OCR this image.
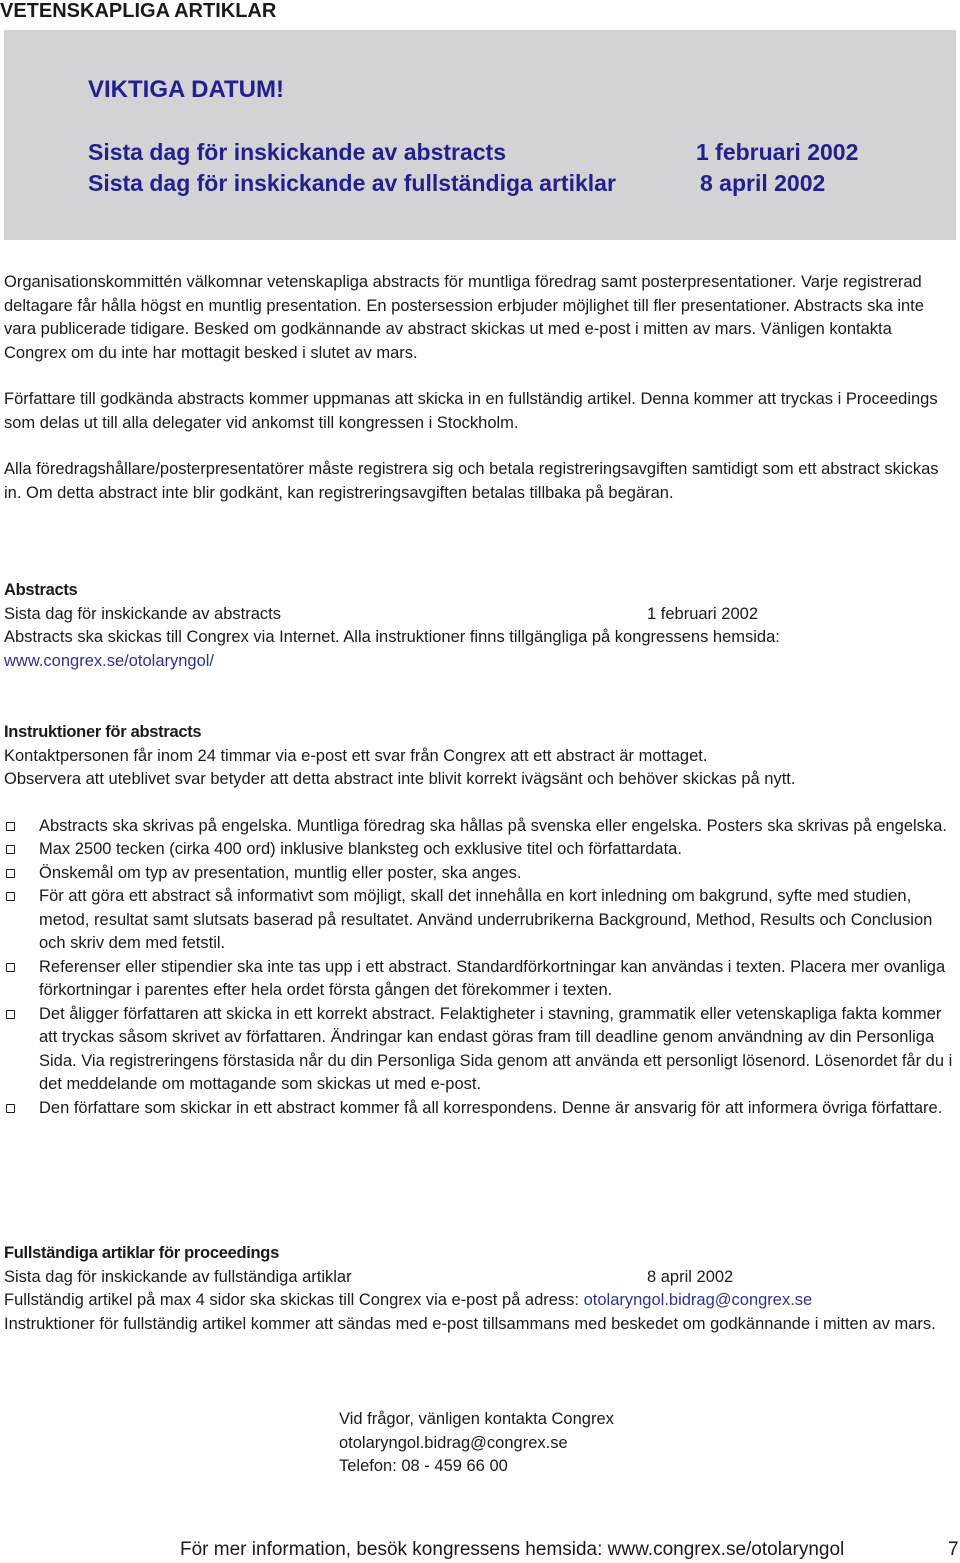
VETENSKAPLIGA ARTIKLAR
VIKTIGA DATUM!
Sista dag för inskickande av abstracts	1 februari 2002
Sista dag för inskickande av fullständiga artiklar	8 april 2002

Organisationskommittén välkomnar vetenskapliga abstracts för muntliga föredrag samt posterpresentationer. Varje registrerad deltagare får hålla högst en muntlig presentation. En postersession erbjuder möjlighet till fler presentationer. Abstracts ska inte vara publicerade tidigare. Besked om godkännande av abstract skickas ut med e-post i mitten av mars. Vänligen kontakta Congrex om du inte har mottagit besked i slutet av mars.

Författare till godkända abstracts kommer uppmanas att skicka in en fullständig artikel. Denna kommer att tryckas i Proceedings som delas ut till alla delegater vid ankomst till kongressen i Stockholm.

Alla föredragshållare/posterpresentatörer måste registrera sig och betala registreringsavgiften samtidigt som ett abstract skickas in. Om detta abstract inte blir godkänt, kan registreringsavgiften betalas tillbaka på begäran.

Abstracts
Sista dag för inskickande av abstracts	1 februari 2002

Abstracts ska skickas till Congrex via Internet. Alla instruktioner finns tillgängliga på kongressens hemsida:

www.congrex.se/otolaryngol/
Instruktioner för abstracts

Kontaktpersonen får inom 24 timmar via e-post ett svar från Congrex att ett abstract är mottaget.

Observera att uteblivet svar betyder att detta abstract inte blivit korrekt ivägsänt och behöver skickas på nytt.

Abstracts ska skrivas på engelska. Muntliga föredrag ska hållas på svenska eller engelska. Posters ska skrivas på engelska.
Max 2500 tecken (cirka 400 ord) inklusive blanksteg och exklusive titel och författardata.
Önskemål om typ av presentation, muntlig eller poster, ska anges.
För att göra ett abstract så informativt som möjligt, skall det innehålla en kort inledning om bakgrund, syfte med studien, metod, resultat samt slutsats baserad på resultatet. Använd underrubrikerna Background, Method, Results och Conclusion och skriv dem med fetstil.
Referenser eller stipendier ska inte tas upp i ett abstract. Standardförkortningar kan användas i texten. Placera mer ovanliga förkortningar i parentes efter hela ordet första gången det förekommer i texten.
Det åligger författaren att skicka in ett korrekt abstract. Felaktigheter i stavning, grammatik eller vetenskapliga fakta kommer att tryckas såsom skrivet av författaren. Ändringar kan endast göras fram till deadline genom användning av din Personliga Sida. Via registreringens förstasida når du din Personliga Sida genom att använda ett personligt lösenord. Lösenordet får du i det meddelande om mottagande som skickas ut med e-post.
Den författare som skickar in ett abstract kommer få all korrespondens. Denne är ansvarig för att informera övriga författare.
Fullständiga artiklar för proceedings
Sista dag för inskickande av fullständiga artiklar	8 april 2002

Fullständig artikel på max 4 sidor ska skickas till Congrex via e-post på adress: otolaryngol.bidrag@congrex.se

Instruktioner för fullständig artikel kommer att sändas med e-post tillsammans med beskedet om godkännande i mitten av mars.

Vid frågor, vänligen kontakta Congrex
otolaryngol.bidrag@congrex.se
Telefon: 08 - 459 66 00
För mer information, besök kongressens hemsida: www.congrex.se/otolaryngol	7
